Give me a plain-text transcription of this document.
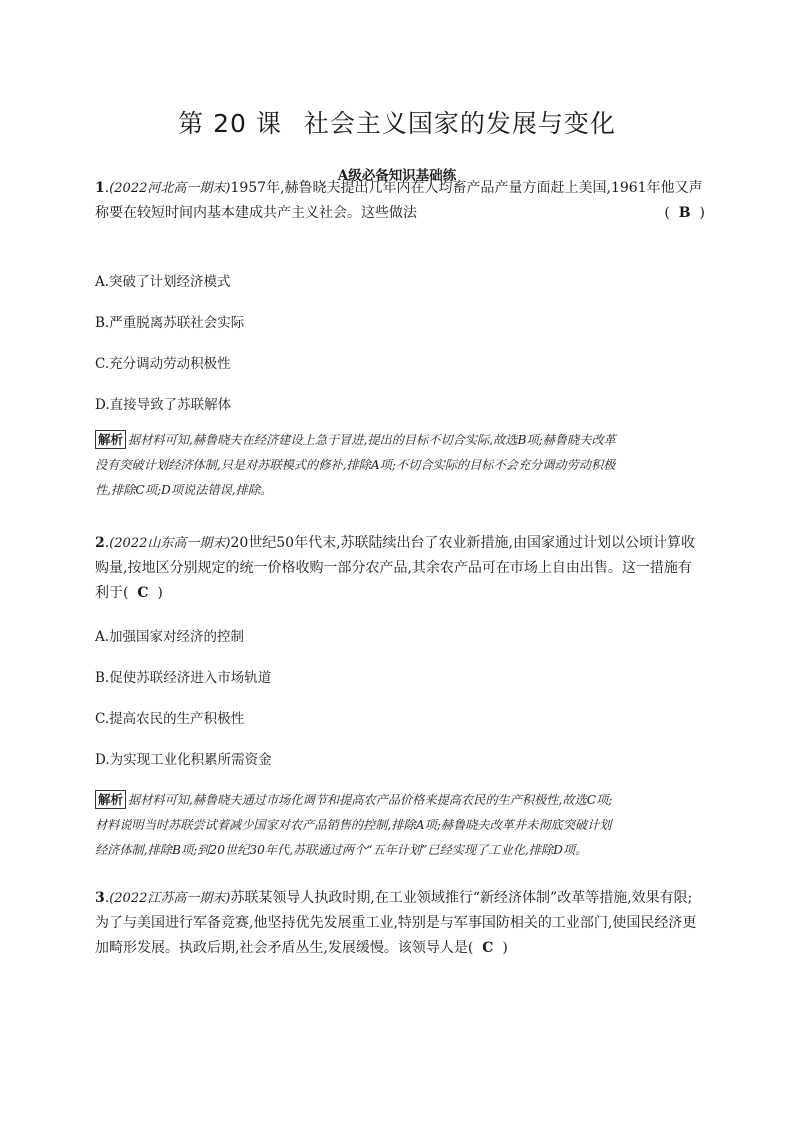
第 20 课 社会主义国家的发展与变化
A级必备知识基础练
1.(2022河北高一期末)1957年,赫鲁晓夫提出几年内在人均畜产品产量方面赶上美国,1961年他又声
称要在较短时间内基本建成共产主义社会。这些做法	(  B  )
A.突破了计划经济模式
B.严重脱离苏联社会实际
C.充分调动劳动积极性
D.直接导致了苏联解体
解析 据材料可知,赫鲁晓夫在经济建设上急于冒进,提出的目标不切合实际,故选B项;赫鲁晓夫改革
没有突破计划经济体制,只是对苏联模式的修补,排除A项;不切合实际的目标不会充分调动劳动积极
性,排除C项;D项说法错误,排除。
2.(2022山东高一期末)20世纪50年代末,苏联陆续出台了农业新措施,由国家通过计划以公顷计算收
购量,按地区分别规定的统一价格收购一部分农产品,其余农产品可在市场上自由出售。这一措施有
利于( C  )
A.加强国家对经济的控制
B.促使苏联经济进入市场轨道
C.提高农民的生产积极性
D.为实现工业化积累所需资金
解析 据材料可知,赫鲁晓夫通过市场化调节和提高农产品价格来提高农民的生产积极性,故选C项;
材料说明当时苏联尝试着减少国家对农产品销售的控制,排除A项;赫鲁晓夫改革并未彻底突破计划
经济体制,排除B项;到20世纪30年代,苏联通过两个“五年计划”已经实现了工业化,排除D项。
3.(2022江苏高一期末)苏联某领导人执政时期,在工业领域推行“新经济体制”改革等措施,效果有限;
为了与美国进行军备竞赛,他坚持优先发展重工业,特别是与军事国防相关的工业部门,使国民经济更
加畸形发展。执政后期,社会矛盾丛生,发展缓慢。该领导人是( C  )
